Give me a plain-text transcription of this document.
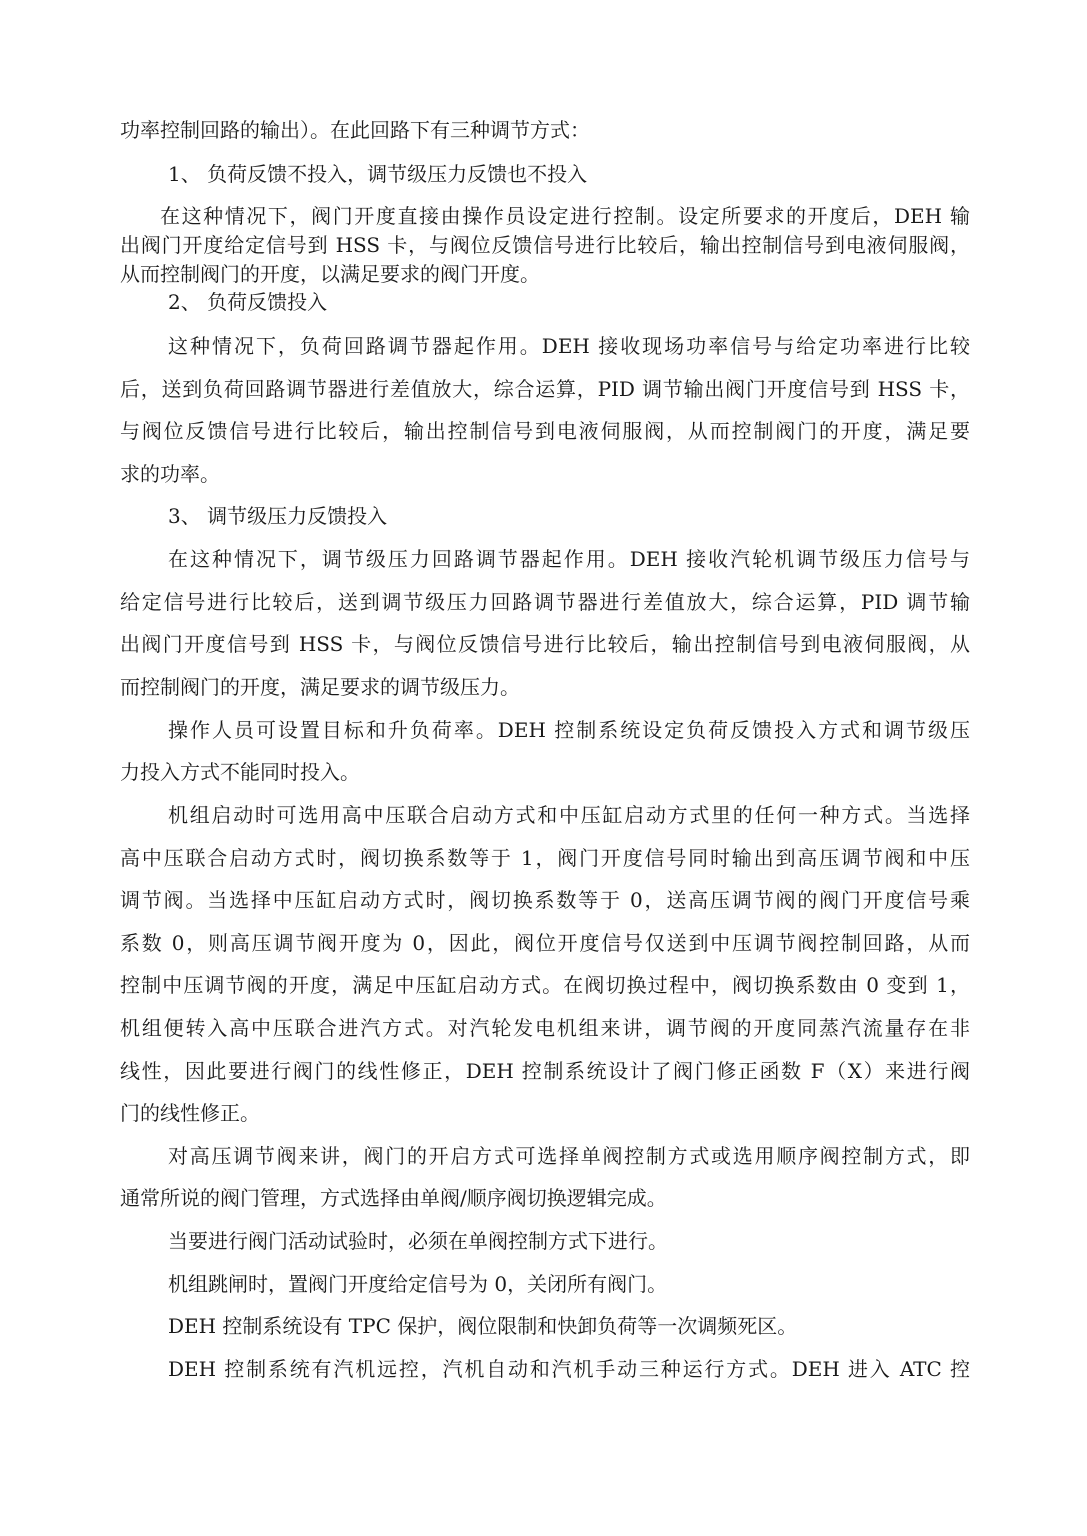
功率控制回路的输出）。在此回路下有三种调节方式：
1、 负荷反馈不投入，调节级压力反馈也不投入
在这种情况下，阀门开度直接由操作员设定进行控制。设定所要求的开度后，DEH 输
出阀门开度给定信号到 HSS 卡，与阀位反馈信号进行比较后，输出控制信号到电液伺服阀，
从而控制阀门的开度，以满足要求的阀门开度。
2、 负荷反馈投入
这种情况下，负荷回路调节器起作用。DEH 接收现场功率信号与给定功率进行比较
后，送到负荷回路调节器进行差值放大，综合运算，PID 调节输出阀门开度信号到 HSS 卡，
与阀位反馈信号进行比较后，输出控制信号到电液伺服阀，从而控制阀门的开度，满足要
求的功率。
3、 调节级压力反馈投入
在这种情况下，调节级压力回路调节器起作用。DEH 接收汽轮机调节级压力信号与
给定信号进行比较后，送到调节级压力回路调节器进行差值放大，综合运算，PID 调节输
出阀门开度信号到 HSS 卡，与阀位反馈信号进行比较后，输出控制信号到电液伺服阀，从
而控制阀门的开度，满足要求的调节级压力。
操作人员可设置目标和升负荷率。DEH 控制系统设定负荷反馈投入方式和调节级压
力投入方式不能同时投入。
机组启动时可选用高中压联合启动方式和中压缸启动方式里的任何一种方式。当选择
高中压联合启动方式时，阀切换系数等于 1，阀门开度信号同时输出到高压调节阀和中压
调节阀。当选择中压缸启动方式时，阀切换系数等于 0，送高压调节阀的阀门开度信号乘
系数 0，则高压调节阀开度为 0，因此，阀位开度信号仅送到中压调节阀控制回路，从而
控制中压调节阀的开度，满足中压缸启动方式。在阀切换过程中，阀切换系数由 0 变到 1，
机组便转入高中压联合进汽方式。对汽轮发电机组来讲，调节阀的开度同蒸汽流量存在非
线性，因此要进行阀门的线性修正，DEH 控制系统设计了阀门修正函数 F（X）来进行阀
门的线性修正。
对高压调节阀来讲，阀门的开启方式可选择单阀控制方式或选用顺序阀控制方式，即
通常所说的阀门管理，方式选择由单阀/顺序阀切换逻辑完成。
当要进行阀门活动试验时，必须在单阀控制方式下进行。
机组跳闸时，置阀门开度给定信号为 0，关闭所有阀门。
DEH 控制系统设有 TPC 保护，阀位限制和快卸负荷等一次调频死区。
DEH 控制系统有汽机远控，汽机自动和汽机手动三种运行方式。DEH 进入 ATC 控
